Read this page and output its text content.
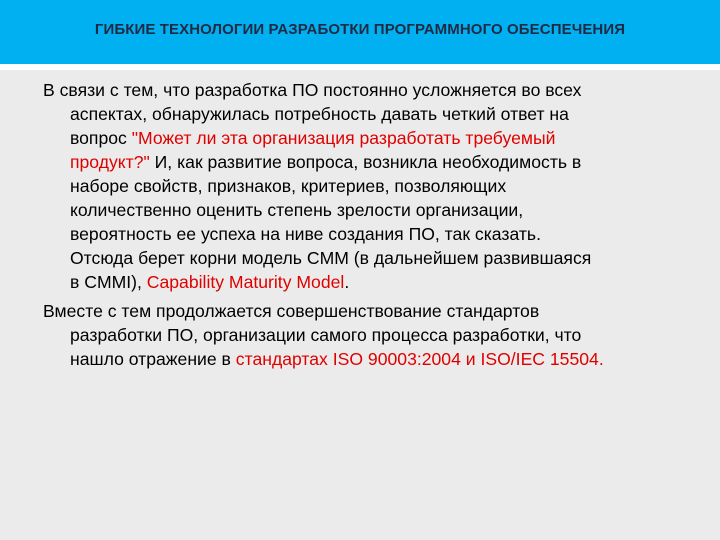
ГИБКИЕ ТЕХНОЛОГИИ РАЗРАБОТКИ ПРОГРАММНОГО ОБЕСПЕЧЕНИЯ

В связи с тем, что разработка ПО постоянно усложняется во всех
аспектах, обнаружилась потребность давать четкий ответ на
вопрос "Может ли эта организация разработать требуемый
продукт?" И, как развитие вопроса, возникла необходимость в
наборе свойств, признаков, критериев, позволяющих
количественно оценить степень зрелости организации,
вероятность ее успеха на ниве создания ПО, так сказать.
Отсюда берет корни модель CMM (в дальнейшем развившаяся
в CMMI), Capability Maturity Model.

Вместе с тем продолжается совершенствование стандартов
разработки ПО, организации самого процесса разработки, что
нашло отражение в стандартах ISO 90003:2004 и ISO/IEC 15504.
